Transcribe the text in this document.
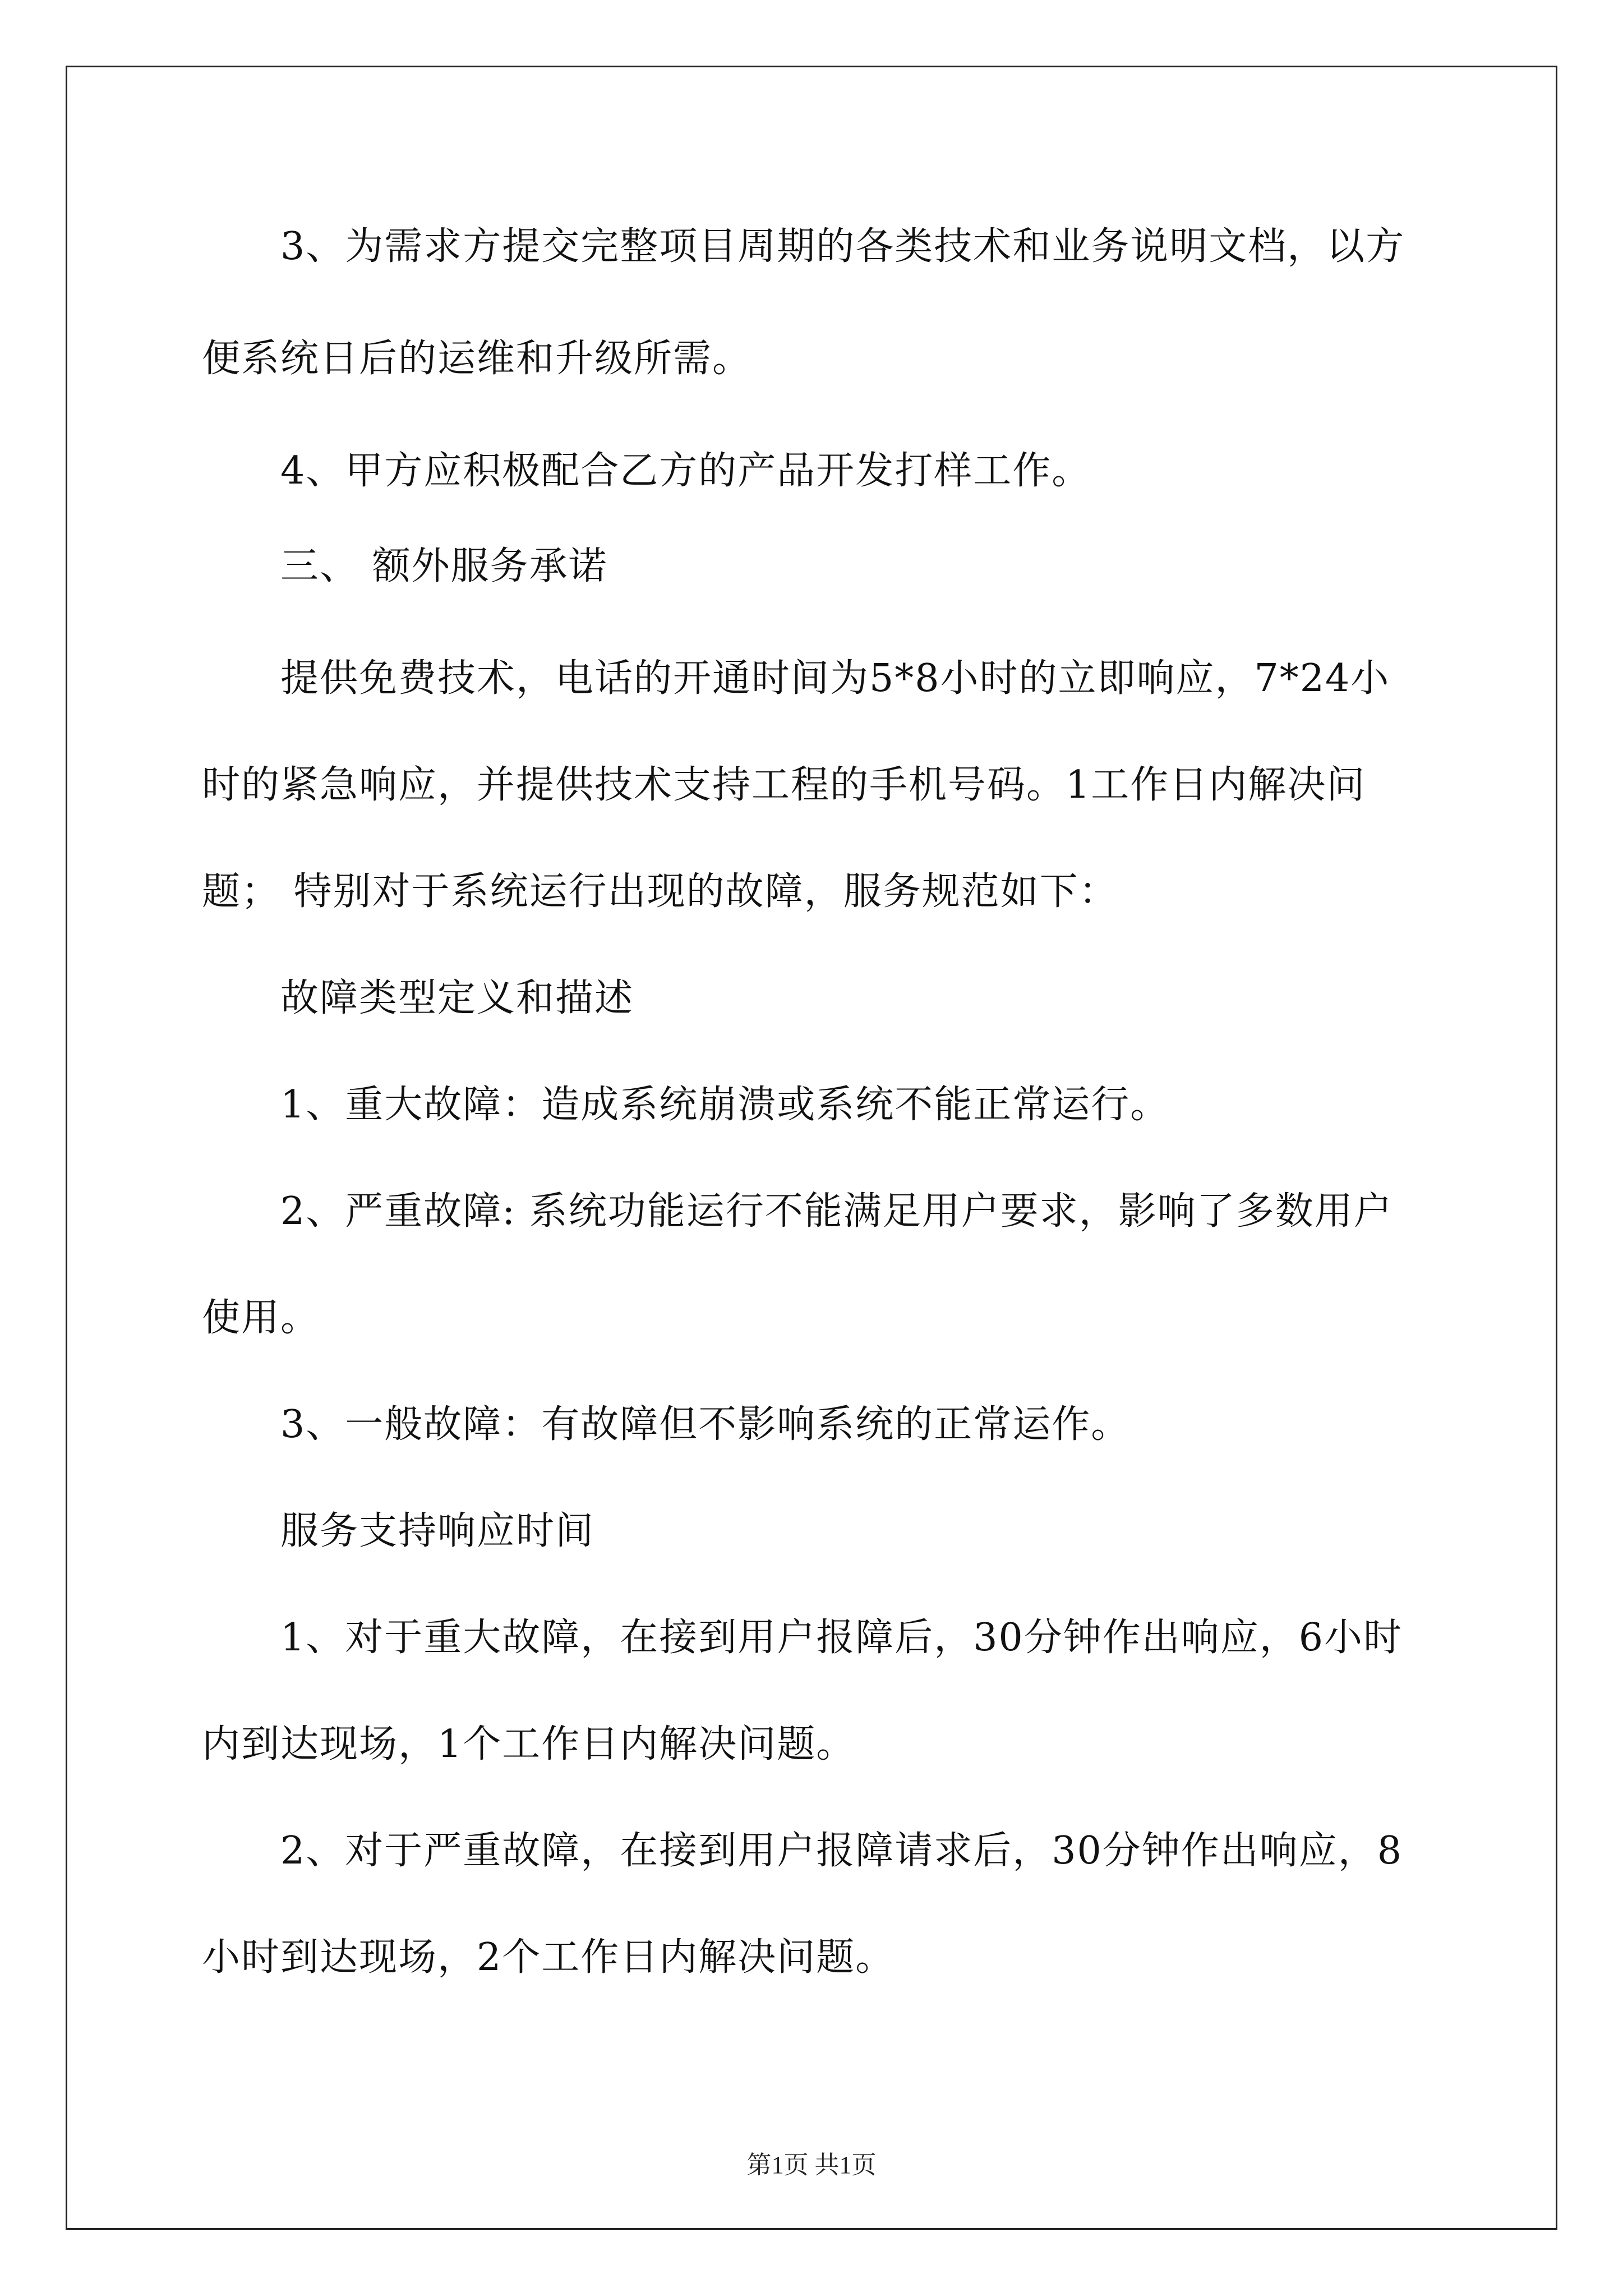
3、为需求方提交完整项目周期的各类技术和业务说明文档，以方
便系统日后的运维和升级所需。
4、甲方应积极配合乙方的产品开发打样工作。
三、 额外服务承诺
提供免费技术，电话的开通时间为5*8小时的立即响应，7*24小
时的紧急响应，并提供技术支持工程的手机号码。1工作日内解决问
题； 特别对于系统运行出现的故障，服务规范如下：
故障类型定义和描述
1、重大故障：造成系统崩溃或系统不能正常运行。
2、严重故障: 系统功能运行不能满足用户要求，影响了多数用户
使用。
3、一般故障：有故障但不影响系统的正常运作。
服务支持响应时间
1、对于重大故障，在接到用户报障后，30分钟作出响应，6小时
内到达现场，1个工作日内解决问题。
2、对于严重故障，在接到用户报障请求后，30分钟作出响应，8
小时到达现场，2个工作日内解决问题。
第1页 共1页
